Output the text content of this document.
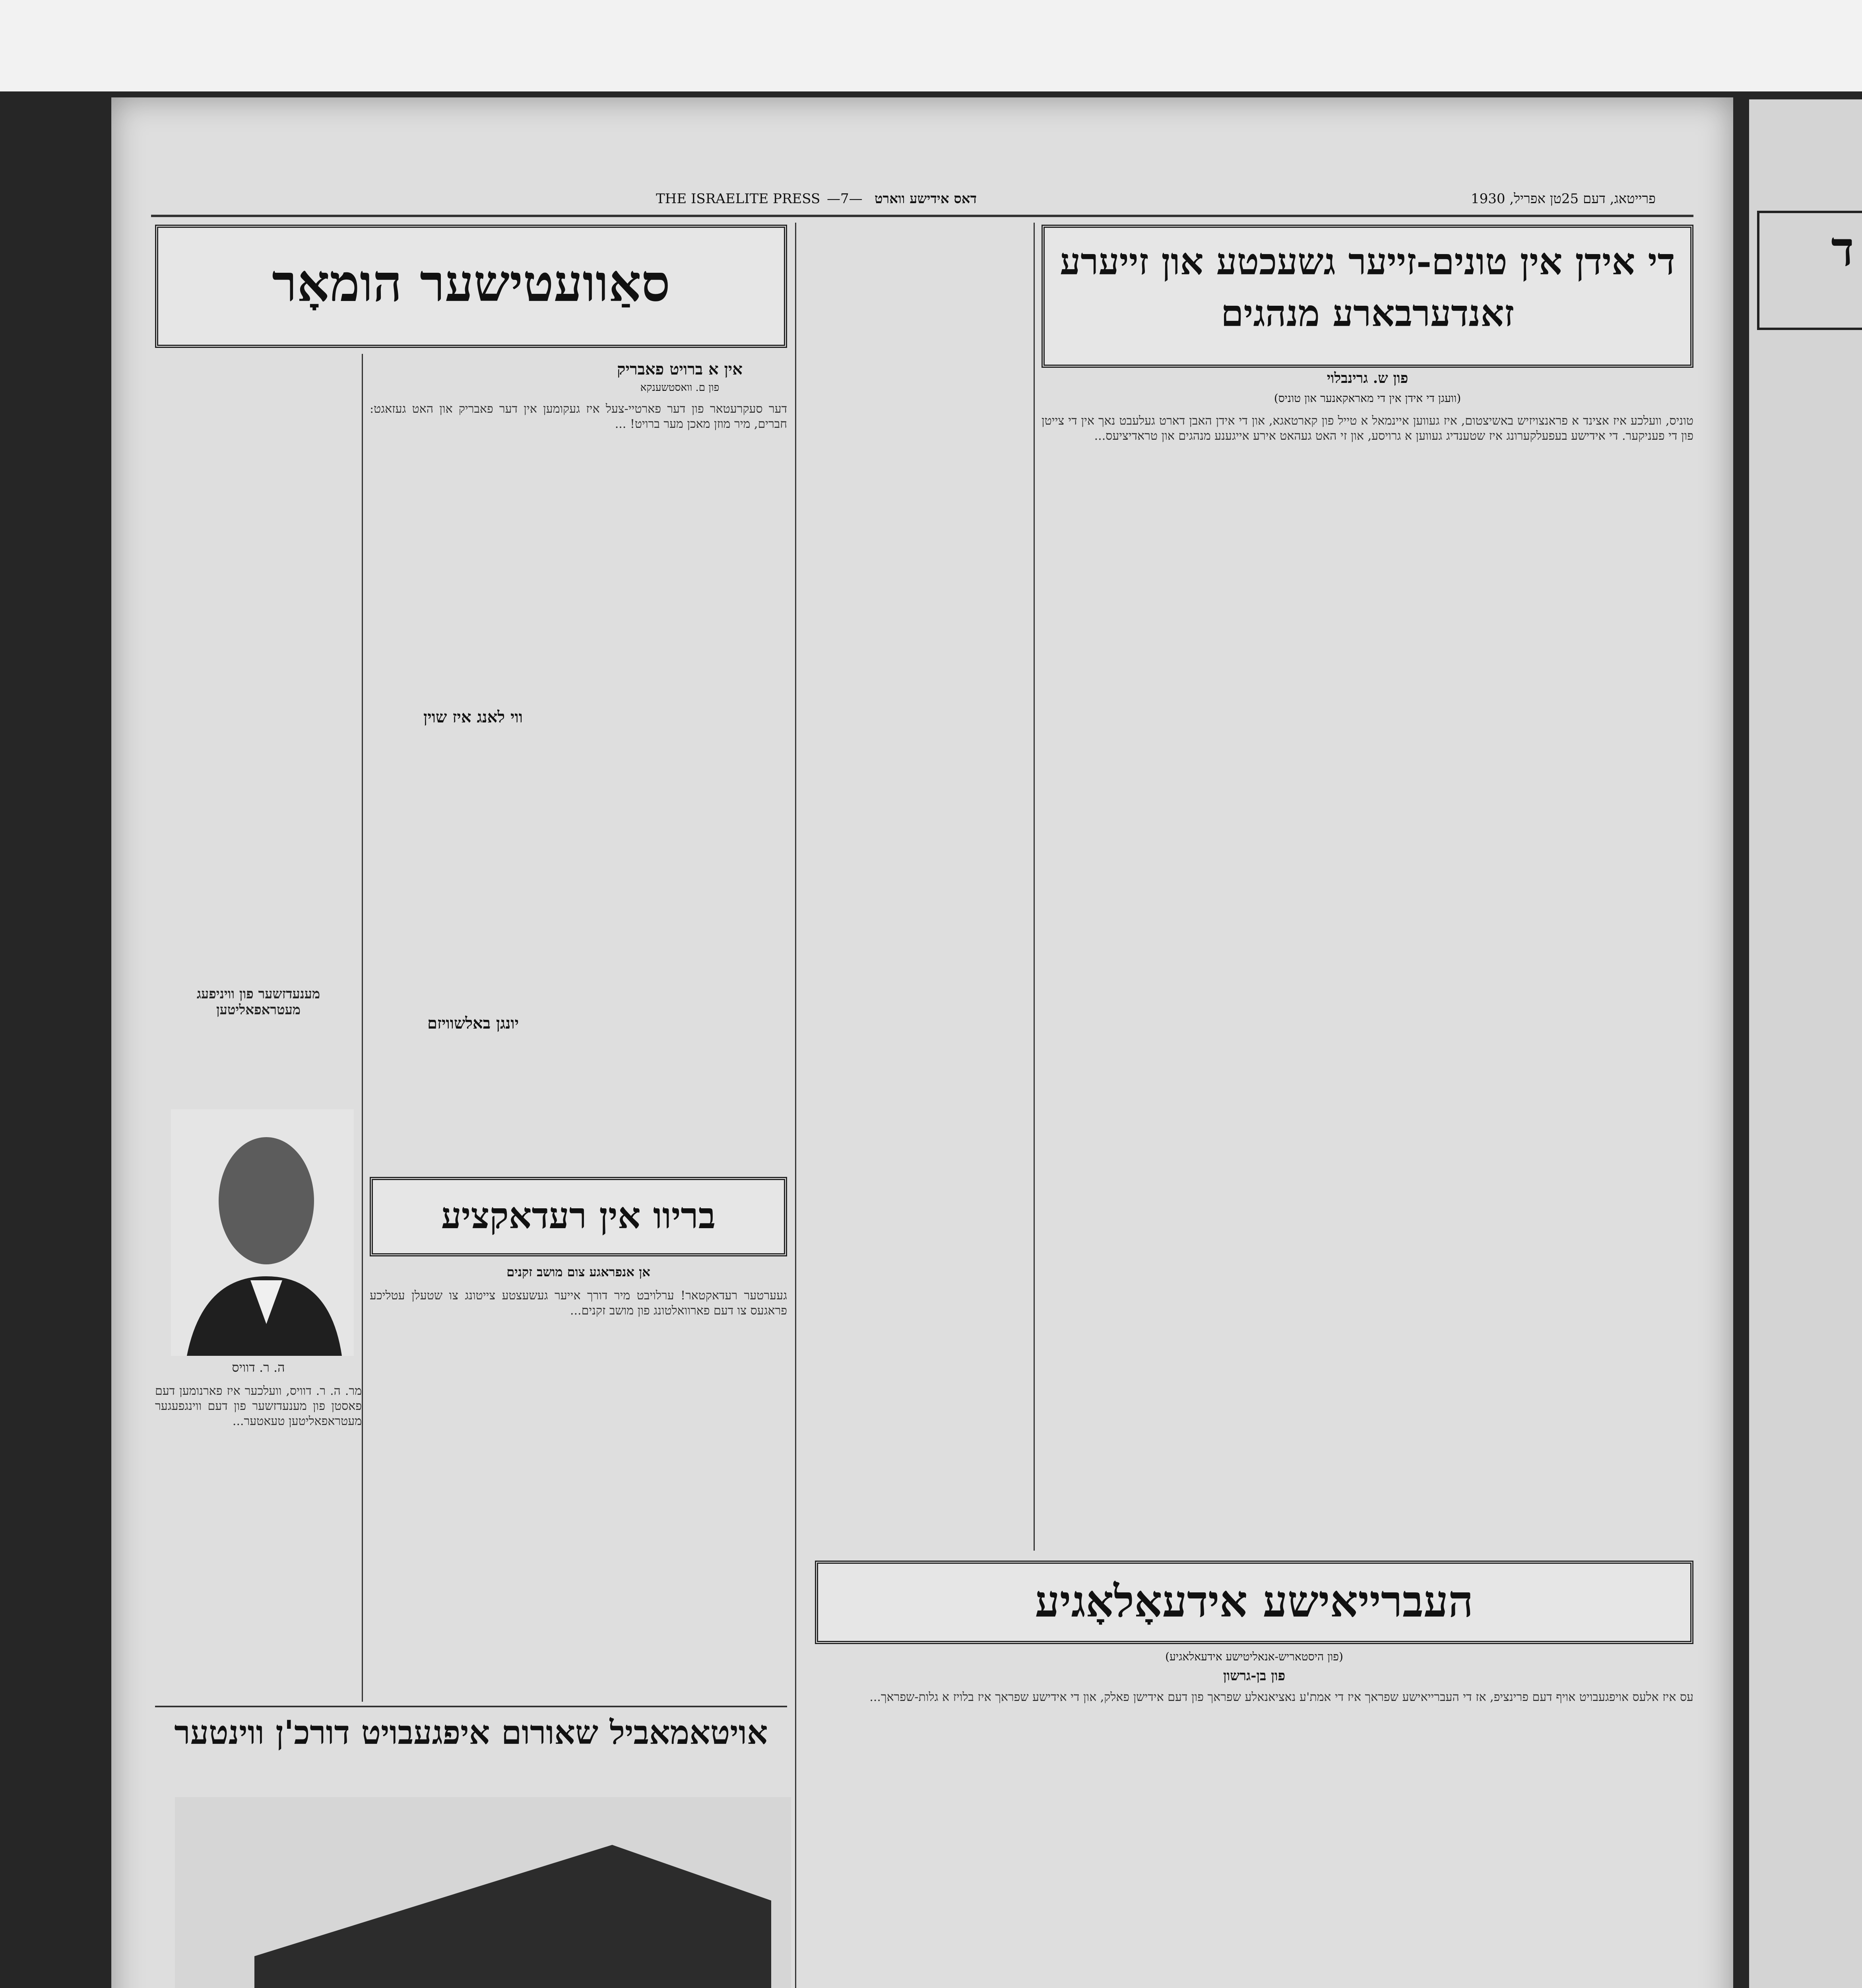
ד
THE ISRAELITE PRESS —7— דאס אידישע ווארט	פרייטאג, דעם 25טן אפריל, 1930
די אידן אין טונים-זייער גשעכטע און זייערע
זאנדערבארע מנהגים
פון ש. גרינבלוי
(וועגן די אידן אין די מאראקאנער און טוניס)
טוניס, וועלכע איז אצינד א פראנצויזיש באשיצטום, איז געווען איינמאל א טייל פון קארטאגא, און די אידן האבן דארט געלעבט נאך אין די צייטן פון די פעניקער. די אידישע בעפעלקערונג איז שטענדיג געווען א גרויסע, און זי האט געהאט אירע אייגענע מנהגים און טראדיציעס...
סאַוועטישער הומאָר
אין א ברויט פאבריק
פון ם. וואסטשענקא
דער סעקרעטאר פון דער פארטיי-צעל איז געקומען אין דער פאבריק און האט געזאגט: חברים, מיר מוזן מאכן מער ברויט! ...
ווי לאנג איז שוין
יונגן באלשוויזם
מענעדזשער פון וויניפעג מעטראפאליטען
ה. ר. דוויס
מר. ה. ר. דוויס, וועלכער איז פארנומען דעם פאסטן פון מענעדזשער פון דעם ווינגפעגער מעטראפאליטען טעאטער...
בריוו אין רעדאקציע
אן אנפראגע צום מושב זקנים
געערטער רעדאקטאר! ערלויבט מיר דורך אייער געשעצטע צייטונג צו שטעלן עטליכע פראגעס צו דעם פארוואלטונג פון מושב זקנים...
אויטאמאביל שאורום איפגעבויט דורכ'ן ווינטער
העברייאישע אידעאָלאָגיע
(פון היסטאריש-אנאליטישע אידעאלאגיע)
פון בן-גרשון
עס איז אלעס אויפגעבויט אויף דעם פרינציפ, אז די העברייאישע שפראך איז די אמת'ע נאציאנאלע שפראך פון דעם אידישן פאלק, און די אידישע שפראך איז בלויז א גלות-שפראך...
